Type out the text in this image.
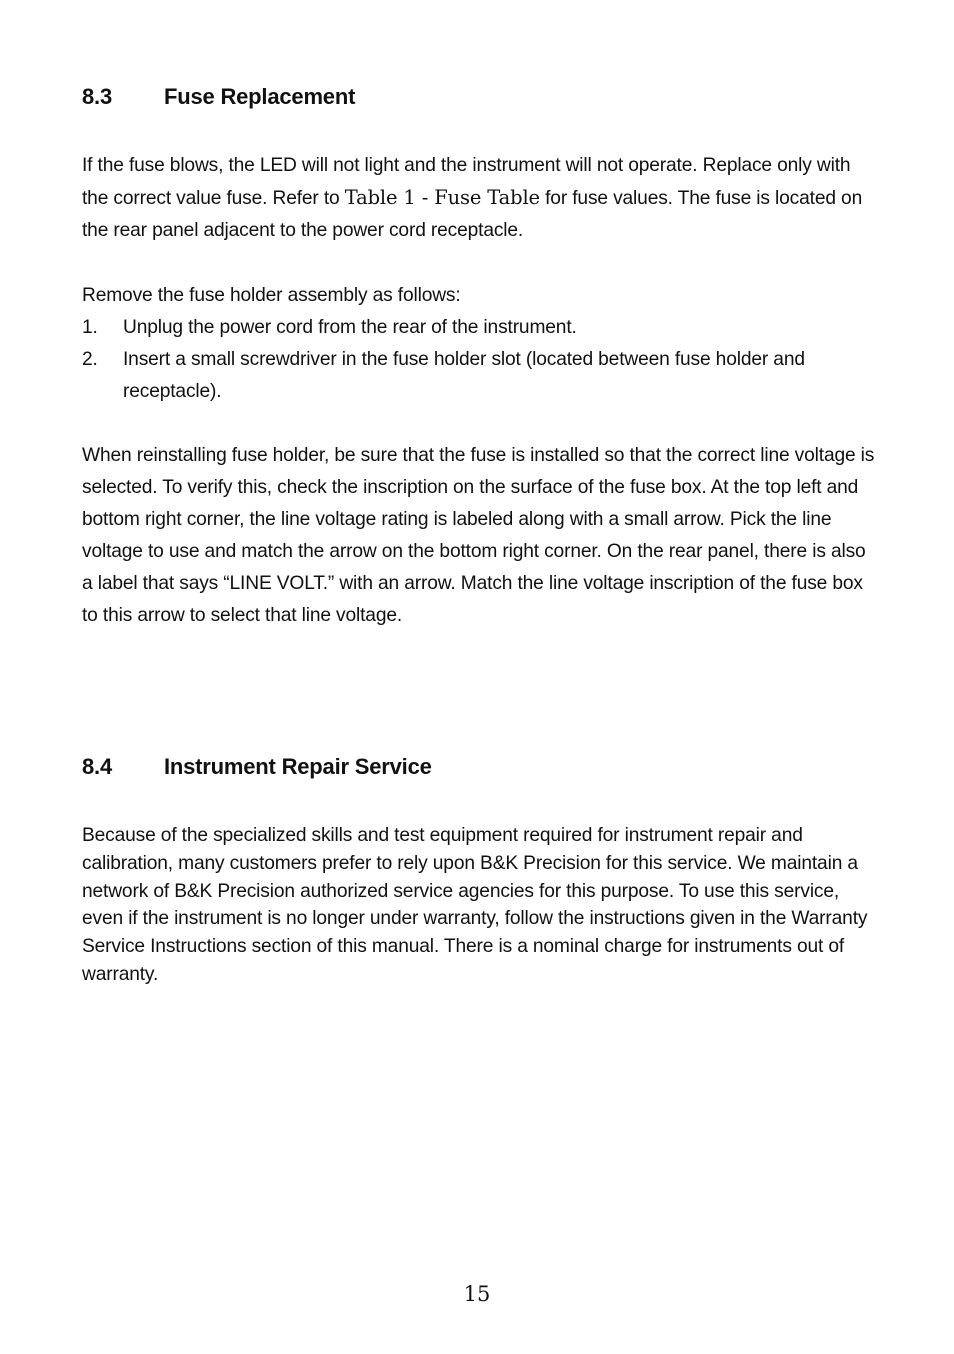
8.3 Fuse Replacement
If the fuse blows, the LED will not light and the instrument will not operate. Replace only with the correct value fuse. Refer to Table 1 - Fuse Table for fuse values. The fuse is located on the rear panel adjacent to the power cord receptacle.
Remove the fuse holder assembly as follows:
1. Unplug the power cord from the rear of the instrument.
2. Insert a small screwdriver in the fuse holder slot (located between fuse holder and receptacle).
When reinstalling fuse holder, be sure that the fuse is installed so that the correct line voltage is selected. To verify this, check the inscription on the surface of the fuse box. At the top left and bottom right corner, the line voltage rating is labeled along with a small arrow. Pick the line voltage to use and match the arrow on the bottom right corner. On the rear panel, there is also a label that says “LINE VOLT.” with an arrow. Match the line voltage inscription of the fuse box to this arrow to select that line voltage.
8.4 Instrument Repair Service
Because of the specialized skills and test equipment required for instrument repair and calibration, many customers prefer to rely upon B&K Precision for this service. We maintain a network of B&K Precision authorized service agencies for this purpose. To use this service, even if the instrument is no longer under warranty, follow the instructions given in the Warranty Service Instructions section of this manual. There is a nominal charge for instruments out of warranty.
15
